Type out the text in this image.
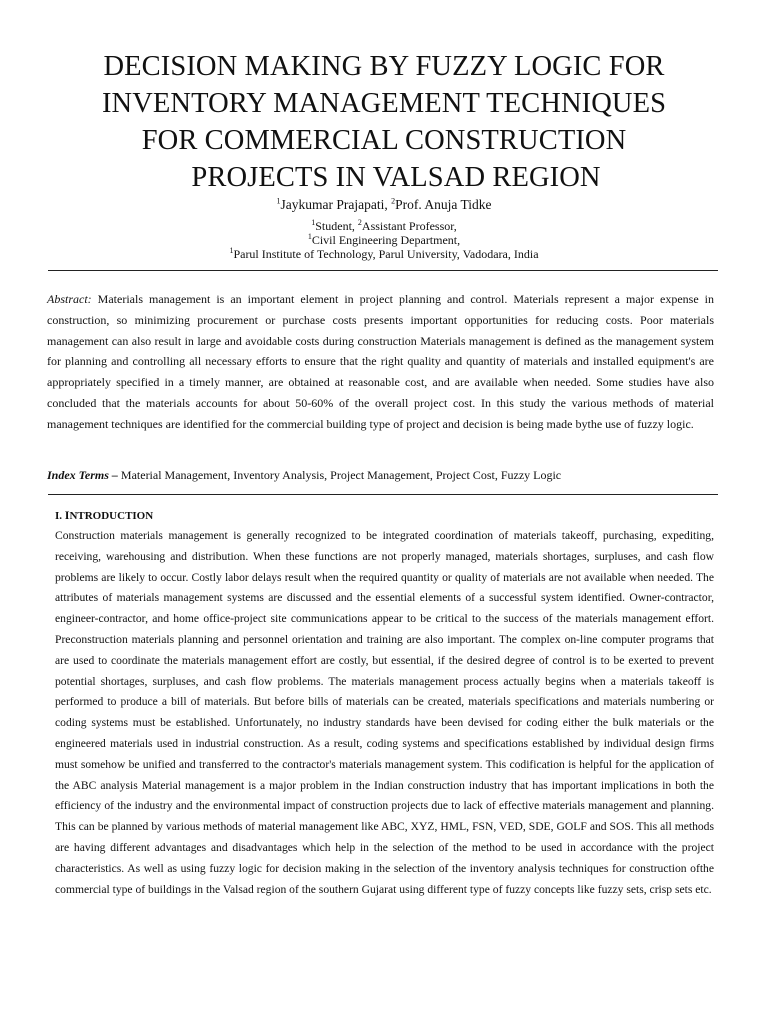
DECISION MAKING BY FUZZY LOGIC FOR
INVENTORY MANAGEMENT TECHNIQUES
FOR COMMERCIAL CONSTRUCTION
PROJECTS IN VALSAD REGION
$^1$Jaykumar Prajapati, $^2$Prof. Anuja Tidke
$^1$Student, $^2$Assistant Professor,
$^1$Civil Engineering Department,
$^1$Parul Institute of Technology, Parul University, Vadodara, India
Abstract: Materials management is an important element in project planning and control. Materials represent a major expense in construction, so minimizing procurement or purchase costs presents important opportunities for reducing costs. Poor materials management can also result in large and avoidable costs during construction Materials management is defined as the management system for planning and controlling all necessary efforts to ensure that the right quality and quantity of materials and installed equipment's are appropriately specified in a timely manner, are obtained at reasonable cost, and are available when needed. Some studies have also concluded that the materials accounts for about 50-60% of the overall project cost. In this study the various methods of material management techniques are identified for the commercial building type of project and decision is being made bythe use of fuzzy logic.
Index Terms – Material Management, Inventory Analysis, Project Management, Project Cost, Fuzzy Logic
I. INTRODUCTION
Construction materials management is generally recognized to be integrated coordination of materials takeoff, purchasing, expediting, receiving, warehousing and distribution. When these functions are not properly managed, materials shortages, surpluses, and cash flow problems are likely to occur. Costly labor delays result when the required quantity or quality of materials are not available when needed. The attributes of materials management systems are discussed and the essential elements of a successful system identified. Owner-contractor, engineer-contractor, and home office-project site communications appear to be critical to the success of the materials management effort. Preconstruction materials planning and personnel orientation and training are also important. The complex on-line computer programs that are used to coordinate the materials management effort are costly, but essential, if the desired degree of control is to be exerted to prevent potential shortages, surpluses, and cash flow problems. The materials management process actually begins when a materials takeoff is performed to produce a bill of materials. But before bills of materials can be created, materials specifications and materials numbering or coding systems must be established. Unfortunately, no industry standards have been devised for coding either the bulk materials or the engineered materials used in industrial construction. As a result, coding systems and specifications established by individual design firms must somehow be unified and transferred to the contractor's materials management system. This codification is helpful for the application of the ABC analysis Material management is a major problem in the Indian construction industry that has important implications in both the efficiency of the industry and the environmental impact of construction projects due to lack of effective materials management and planning. This can be planned by various methods of material management like ABC, XYZ, HML, FSN, VED, SDE, GOLF and SOS. This all methods are having different advantages and disadvantages which help in the selection of the method to be used in accordance with the project characteristics. As well as using fuzzy logic for decision making in the selection of the inventory analysis techniques for construction ofthe commercial type of buildings in the Valsad region of the southern Gujarat using different type of fuzzy concepts like fuzzy sets, crisp sets etc.
